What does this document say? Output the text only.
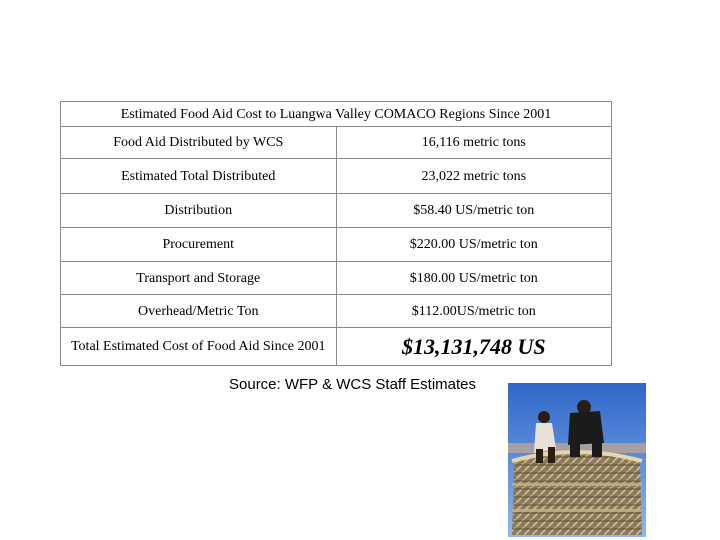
Estimated Food Aid Cost to Luangwa Valley COMACO Regions Since 2001	
Food Aid Distributed by WCS	16,116 metric tons
Estimated Total Distributed	23,022 metric tons
Distribution	$58.40 US/metric ton
Procurement	$220.00 US/metric ton
Transport and Storage	$180.00 US/metric ton
Overhead/Metric Ton	$112.00US/metric ton
Total Estimated Cost of Food Aid Since 2001	$13,131,748 US
Source: WFP & WCS Staff Estimates
